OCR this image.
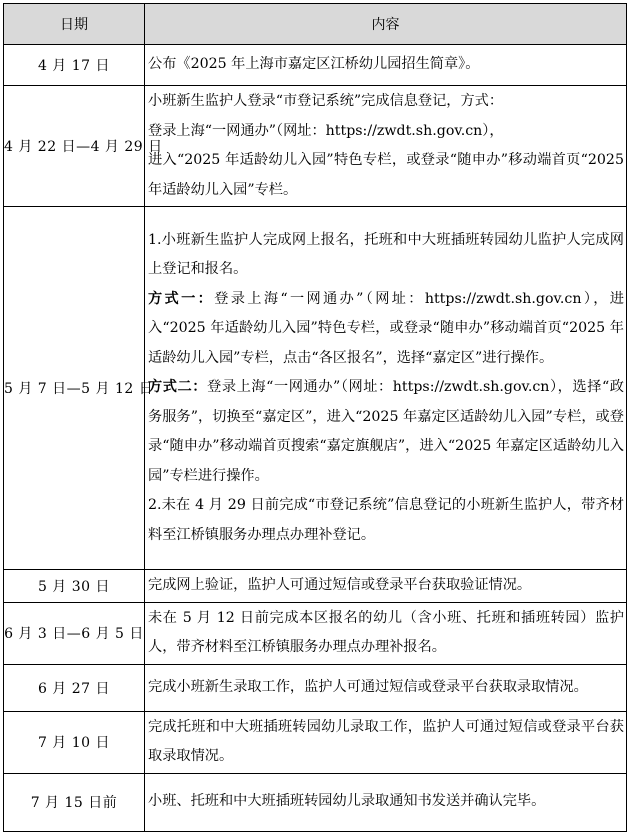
日期	内容
4 月 17 日	公布《2025 年上海市嘉定区江桥幼儿园招生简章》。

4 月 22 日—4 月 29 日	小班新生监护人登录“市登记系统”完成信息登记，方式：
登录上海“一网通办”（网址：https://zwdt.sh.gov.cn），
进入“2025 年适龄幼儿入园”特色专栏，或登录“随申办”移动端首页“2025 年适龄幼儿入园”专栏。

5 月 7 日—5 月 12 日	1.小班新生监护人完成网上报名，托班和中大班插班转园幼儿监护人完成网上登记和报名。
方式一：登录上海“一网通办”（网址：https://zwdt.sh.gov.cn），进入“2025 年适龄幼儿入园”特色专栏，或登录“随申办”移动端首页“2025 年适龄幼儿入园”专栏，点击“各区报名”，选择“嘉定区”进行操作。
方式二：登录上海“一网通办”（网址：https://zwdt.sh.gov.cn），选择“政务服务”，切换至“嘉定区”，进入“2025 年嘉定区适龄幼儿入园”专栏，或登录“随申办”移动端首页搜索“嘉定旗舰店”，进入“2025 年嘉定区适龄幼儿入园”专栏进行操作。
2.未在 4 月 29 日前完成“市登记系统”信息登记的小班新生监护人，带齐材料至江桥镇服务办理点办理补登记。

5 月 30 日	完成网上验证，监护人可通过短信或登录平台获取验证情况。

6 月 3 日—6 月 5 日	未在 5 月 12 日前完成本区报名的幼儿（含小班、托班和插班转园）监护人，带齐材料至江桥镇服务办理点办理补报名。

6 月 27 日	完成小班新生录取工作，监护人可通过短信或登录平台获取录取情况。

7 月 10 日	完成托班和中大班插班转园幼儿录取工作，监护人可通过短信或登录平台获取录取情况。

7 月 15 日前	小班、托班和中大班插班转园幼儿录取通知书发送并确认完毕。
